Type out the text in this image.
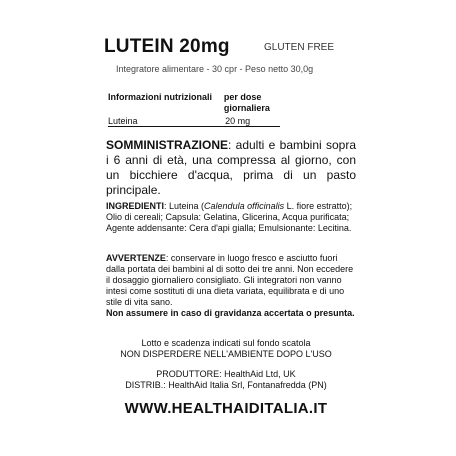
LUTEIN 20mg	GLUTEN FREE
Integratore alimentare - 30 cpr - Peso netto 30,0g
Informazioni nutrizionali	per dose giornaliera
Luteina	20 mg
SOMMINISTRAZIONE: adulti e bambini sopra i 6 anni di età, una compressa al giorno, con un bicchiere d'acqua, prima di un pasto principale.
INGREDIENTI: Luteina (Calendula officinalis L. fiore estratto); Olio di cereali; Capsula: Gelatina, Glicerina, Acqua purificata; Agente addensante: Cera d'api gialla; Emulsionante: Lecitina.
AVVERTENZE: conservare in luogo fresco e asciutto fuori dalla portata dei bambini al di sotto dei tre anni. Non eccedere il dosaggio giornaliero consigliato. Gli integratori non vanno intesi come sostituti di una dieta variata, equilibrata e di uno stile di vita sano.
Non assumere in caso di gravidanza accertata o presunta.
Lotto e scadenza indicati sul fondo scatola
NON DISPERDERE NELL'AMBIENTE DOPO L'USO
PRODUTTORE: HealthAid Ltd, UK
DISTRIB.: HealthAid Italia Srl, Fontanafredda (PN)
WWW.HEALTHAIDITALIA.IT
